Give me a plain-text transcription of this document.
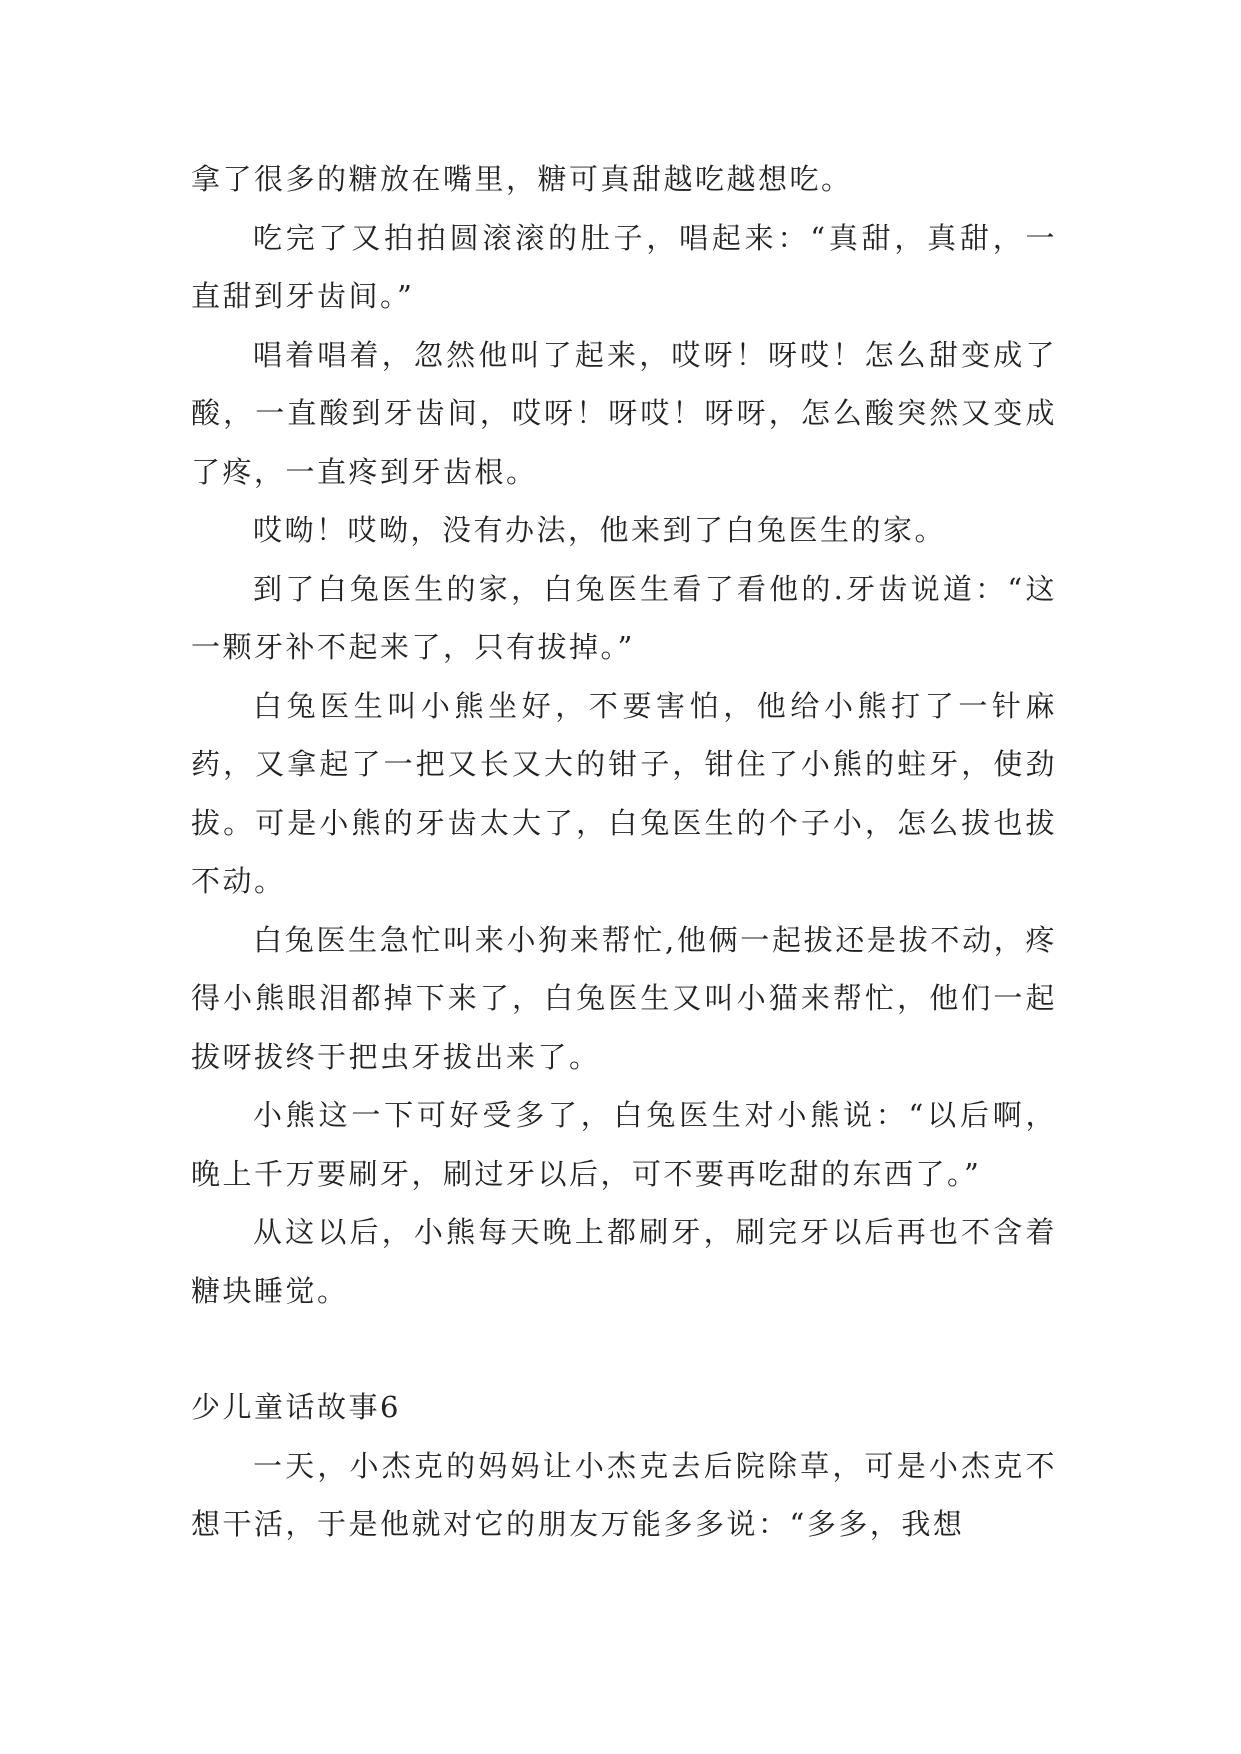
拿了很多的糖放在嘴里，糖可真甜越吃越想吃。

吃完了又拍拍圆滚滚的肚子，唱起来：“真甜，真甜，一直甜到牙齿间。”

唱着唱着，忽然他叫了起来，哎呀！呀哎！怎么甜变成了酸，一直酸到牙齿间，哎呀！呀哎！呀呀，怎么酸突然又变成了疼，一直疼到牙齿根。

哎呦！哎呦，没有办法，他来到了白兔医生的家。

到了白兔医生的家，白兔医生看了看他的.牙齿说道：“这一颗牙补不起来了，只有拔掉。”

白兔医生叫小熊坐好，不要害怕，他给小熊打了一针麻药，又拿起了一把又长又大的钳子，钳住了小熊的蛀牙，使劲拔。可是小熊的牙齿太大了，白兔医生的个子小，怎么拔也拔不动。

白兔医生急忙叫来小狗来帮忙,他俩一起拔还是拔不动，疼得小熊眼泪都掉下来了，白兔医生又叫小猫来帮忙，他们一起拔呀拔终于把虫牙拔出来了。

小熊这一下可好受多了，白兔医生对小熊说：“以后啊，晚上千万要刷牙，刷过牙以后，可不要再吃甜的东西了。”

从这以后，小熊每天晚上都刷牙，刷完牙以后再也不含着糖块睡觉。

少儿童话故事6

一天，小杰克的妈妈让小杰克去后院除草，可是小杰克不想干活，于是他就对它的朋友万能多多说：“多多，我想
